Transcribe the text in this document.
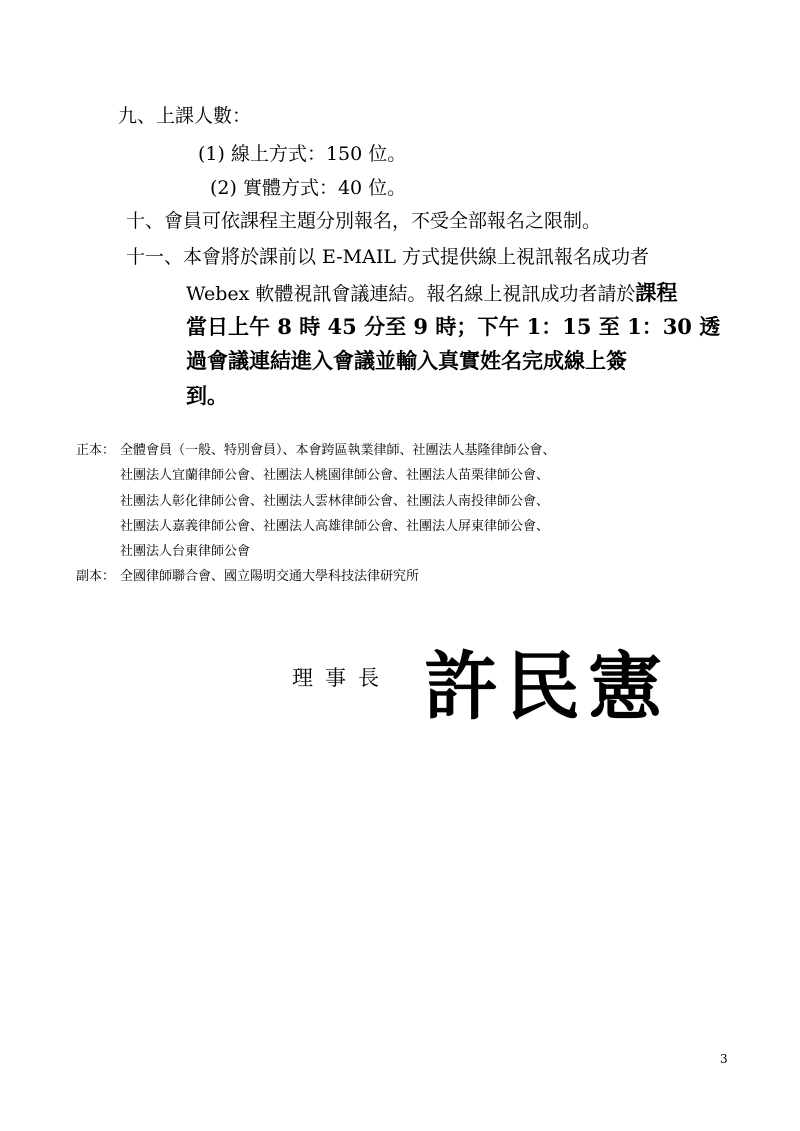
九、上課人數：
(1) 線上方式：150 位。
(2) 實體方式：40 位。
十、會員可依課程主題分別報名，不受全部報名之限制。
十一、本會將於課前以 E-MAIL 方式提供線上視訊報名成功者
Webex 軟體視訊會議連結。報名線上視訊成功者請於課程
當日上午 8 時 45 分至 9 時；下午 1：15 至 1：30 透
過會議連結進入會議並輸入真實姓名完成線上簽
到。
正本： 全體會員（一般、特別會員）、本會跨區執業律師、社團法人基隆律師公會、
社團法人宜蘭律師公會、社團法人桃園律師公會、社團法人苗栗律師公會、
社團法人彰化律師公會、社團法人雲林律師公會、社團法人南投律師公會、
社團法人嘉義律師公會、社團法人高雄律師公會、社團法人屏東律師公會、
社團法人台東律師公會
副本： 全國律師聯合會、國立陽明交通大學科技法律研究所
理事長 許民憲
3
